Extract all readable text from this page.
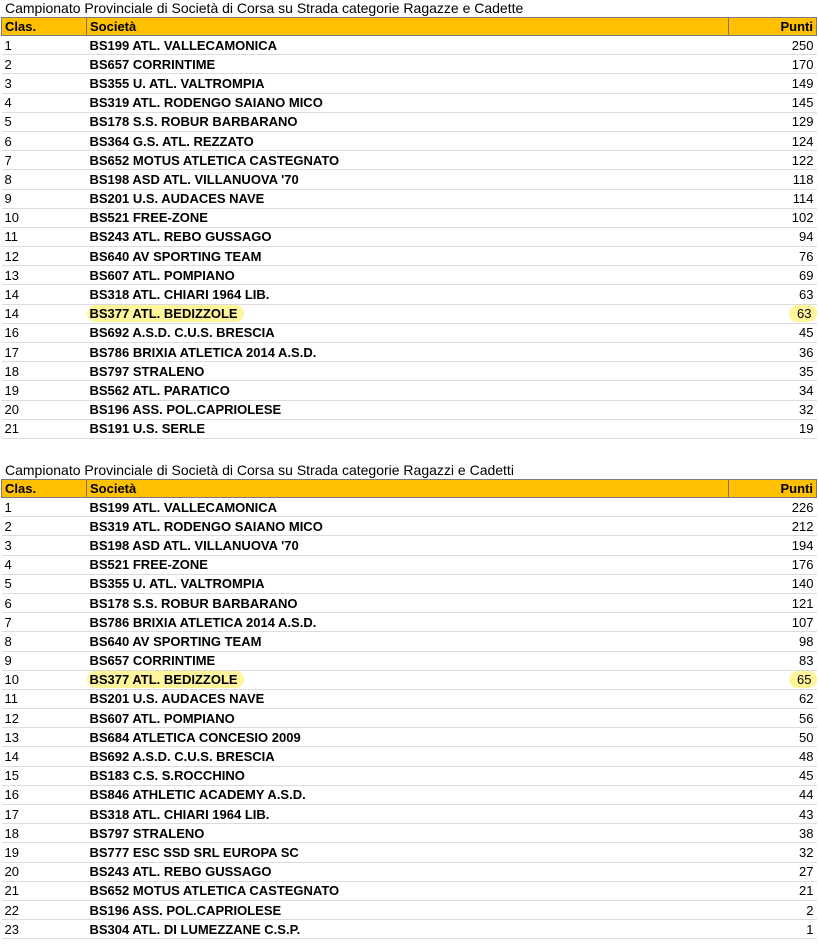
Campionato Provinciale di Società di Corsa su Strada categorie Ragazze e Cadette
Clas.	Società	Punti
1	BS199 ATL. VALLECAMONICA	250
2	BS657 CORRINTIME	170
3	BS355 U. ATL. VALTROMPIA	149
4	BS319 ATL. RODENGO SAIANO MICO	145
5	BS178 S.S. ROBUR BARBARANO	129
6	BS364 G.S. ATL. REZZATO	124
7	BS652 MOTUS ATLETICA CASTEGNATO	122
8	BS198 ASD ATL. VILLANUOVA '70	118
9	BS201 U.S. AUDACES NAVE	114
10	BS521 FREE-ZONE	102
11	BS243 ATL. REBO GUSSAGO	94
12	BS640 AV SPORTING TEAM	76
13	BS607 ATL. POMPIANO	69
14	BS318 ATL. CHIARI 1964 LIB.	63
14	BS377 ATL. BEDIZZOLE	63
16	BS692 A.S.D. C.U.S. BRESCIA	45
17	BS786 BRIXIA ATLETICA 2014 A.S.D.	36
18	BS797 STRALENO	35
19	BS562 ATL. PARATICO	34
20	BS196 ASS. POL.CAPRIOLESE	32
21	BS191 U.S. SERLE	19
Campionato Provinciale di Società di Corsa su Strada categorie Ragazzi e Cadetti
Clas.	Società	Punti
1	BS199 ATL. VALLECAMONICA	226
2	BS319 ATL. RODENGO SAIANO MICO	212
3	BS198 ASD ATL. VILLANUOVA '70	194
4	BS521 FREE-ZONE	176
5	BS355 U. ATL. VALTROMPIA	140
6	BS178 S.S. ROBUR BARBARANO	121
7	BS786 BRIXIA ATLETICA 2014 A.S.D.	107
8	BS640 AV SPORTING TEAM	98
9	BS657 CORRINTIME	83
10	BS377 ATL. BEDIZZOLE	65
11	BS201 U.S. AUDACES NAVE	62
12	BS607 ATL. POMPIANO	56
13	BS684 ATLETICA CONCESIO 2009	50
14	BS692 A.S.D. C.U.S. BRESCIA	48
15	BS183 C.S. S.ROCCHINO	45
16	BS846 ATHLETIC ACADEMY A.S.D.	44
17	BS318 ATL. CHIARI 1964 LIB.	43
18	BS797 STRALENO	38
19	BS777 ESC SSD SRL EUROPA SC	32
20	BS243 ATL. REBO GUSSAGO	27
21	BS652 MOTUS ATLETICA CASTEGNATO	21
22	BS196 ASS. POL.CAPRIOLESE	2
23	BS304 ATL. DI LUMEZZANE C.S.P.	1
